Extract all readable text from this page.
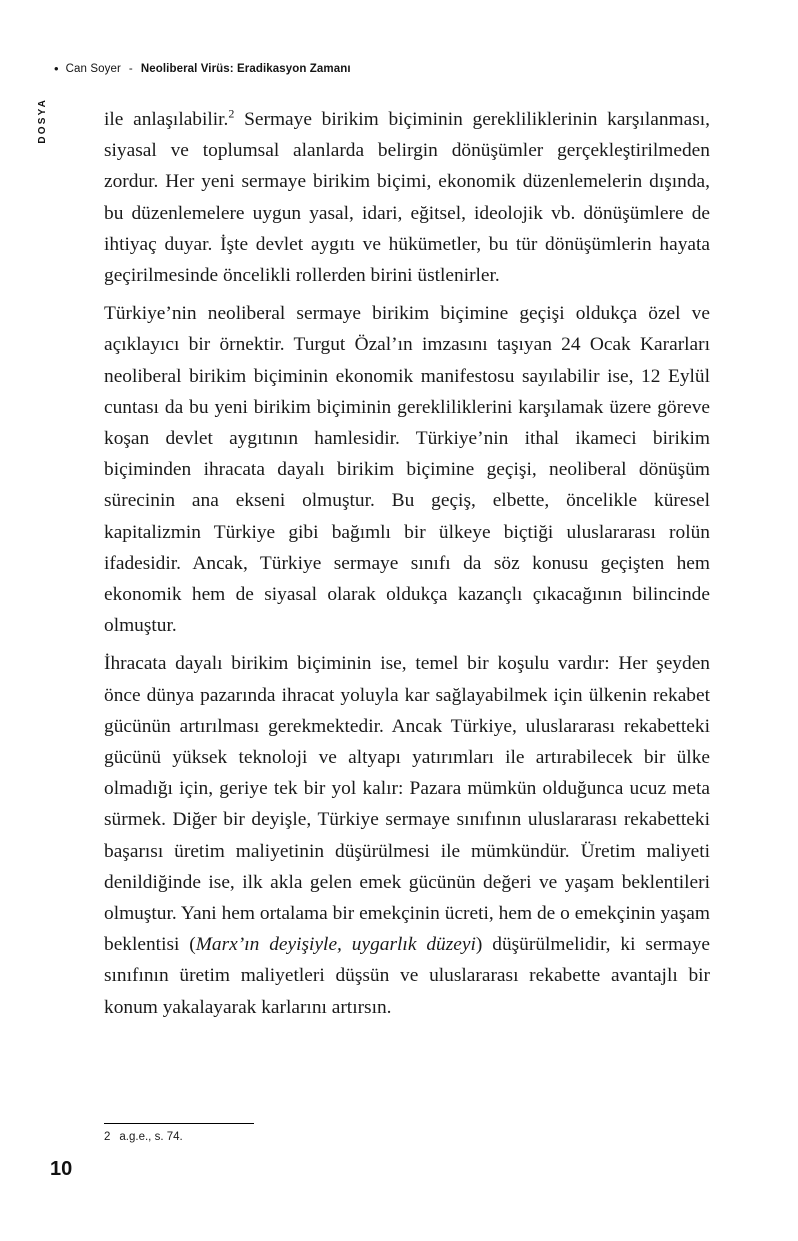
• Can Soyer - Neoliberal Virüs: Eradikasyon Zamanı
DOSYA	ile anlaşılabilir.$^2$ Sermaye birikim biçiminin gerekliliklerinin karşılanması, siyasal ve toplumsal alanlarda belirgin dönüşümler gerçekleştirilmeden zordur. Her yeni sermaye birikim biçimi, ekonomik düzenlemelerin dışında, bu düzenlemelere uygun yasal, idari, eğitsel, ideolojik vb. dönüşümlere de ihtiyaç duyar. İşte devlet aygıtı ve hükümetler, bu tür dönüşümlerin hayata geçirilmesinde öncelikli rollerden birini üstlenirler.

Türkiye’nin neoliberal sermaye birikim biçimine geçişi oldukça özel ve açıklayıcı bir örnektir. Turgut Özal’ın imzasını taşıyan 24 Ocak Kararları neoliberal birikim biçiminin ekonomik manifestosu sayılabilir ise, 12 Eylül cuntası da bu yeni birikim biçiminin gerekliliklerini karşılamak üzere göreve koşan devlet aygıtının hamlesidir. Türkiye’nin ithal ikameci birikim biçiminden ihracata dayalı birikim biçimine geçişi, neoliberal dönüşüm sürecinin ana ekseni olmuştur. Bu geçiş, elbette, öncelikle küresel kapitalizmin Türkiye gibi bağımlı bir ülkeye biçtiği uluslararası rolün ifadesidir. Ancak, Türkiye sermaye sınıfı da söz konusu geçişten hem ekonomik hem de siyasal olarak oldukça kazançlı çıkacağının bilincinde olmuştur.

İhracata dayalı birikim biçiminin ise, temel bir koşulu vardır: Her şeyden önce dünya pazarında ihracat yoluyla kar sağlayabilmek için ülkenin rekabet gücünün artırılması gerekmektedir. Ancak Türkiye, uluslararası rekabetteki gücünü yüksek teknoloji ve altyapı yatırımları ile artırabilecek bir ülke olmadığı için, geriye tek bir yol kalır: Pazara mümkün olduğunca ucuz meta sürmek. Diğer bir deyişle, Türkiye sermaye sınıfının uluslararası rekabetteki başarısı üretim maliyetinin düşürülmesi ile mümkündür. Üretim maliyeti denildiğinde ise, ilk akla gelen emek gücünün değeri ve yaşam beklentileri olmuştur. Yani hem ortalama bir emekçinin ücreti, hem de o emekçinin yaşam beklentisi (Marx’ın deyişiyle, uygarlık düzeyi) düşürülmelidir, ki sermaye sınıfının üretim maliyetleri düşsün ve uluslararası rekabette avantajlı bir konum yakalayarak karlarını artırsın.

2 a.g.e., s. 74.
10
